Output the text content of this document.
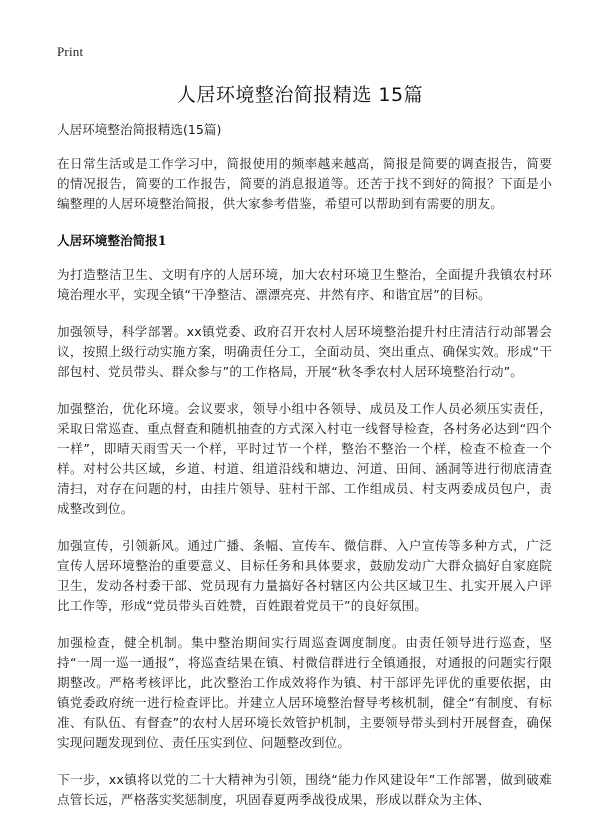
Print
人居环境整治简报精选 15篇

人居环境整治简报精选(15篇)

在日常生活或是工作学习中，简报使用的频率越来越高，简报是简要的调查报告，简要的情况报告，简要的工作报告，简要的消息报道等。还苦于找不到好的简报？下面是小编整理的人居环境整治简报，供大家参考借鉴，希望可以帮助到有需要的朋友。

人居环境整治简报1

为打造整洁卫生、文明有序的人居环境，加大农村环境卫生整治，全面提升我镇农村环境治理水平，实现全镇“干净整洁、漂漂亮亮、井然有序、和谐宜居”的目标。

加强领导，科学部署。xx镇党委、政府召开农村人居环境整治提升村庄清洁行动部署会议，按照上级行动实施方案，明确责任分工，全面动员、突出重点、确保实效。形成“干部包村、党员带头、群众参与”的工作格局，开展“秋冬季农村人居环境整治行动”。

加强整治，优化环境。会议要求，领导小组中各领导、成员及工作人员必须压实责任，采取日常巡查、重点督查和随机抽查的方式深入村屯一线督导检查，各村务必达到“四个一样”，即晴天雨雪天一个样，平时过节一个样，整治不整治一个样，检查不检查一个样。对村公共区域，乡道、村道、组道沿线和塘边、河道、田间、涵洞等进行彻底清查清扫，对存在问题的村，由挂片领导、驻村干部、工作组成员、村支两委成员包户，责成整改到位。

加强宣传，引领新风。通过广播、条幅、宣传车、微信群、入户宣传等多种方式，广泛宣传人居环境整治的重要意义、目标任务和具体要求，鼓励发动广大群众搞好自家庭院卫生，发动各村委干部、党员现有力量搞好各村辖区内公共区域卫生、扎实开展入户评比工作等，形成“党员带头百姓赞，百姓跟着党员干”的良好氛围。

加强检查，健全机制。集中整治期间实行周巡查调度制度。由责任领导进行巡查，坚持“一周一巡一通报”，将巡查结果在镇、村微信群进行全镇通报，对通报的问题实行限期整改。严格考核评比，此次整治工作成效将作为镇、村干部评先评优的重要依据，由镇党委政府统一进行检查评比。并建立人居环境整治督导考核机制，健全“有制度、有标准、有队伍、有督查”的农村人居环境长效管护机制，主要领导带头到村开展督查，确保实现问题发现到位、责任压实到位、问题整改到位。

下一步，xx镇将以党的二十大精神为引领，围绕“能力作风建设年”工作部署，做到破难点管长远，严格落实奖惩制度，巩固春夏两季战役成果，形成以群众为主体、
